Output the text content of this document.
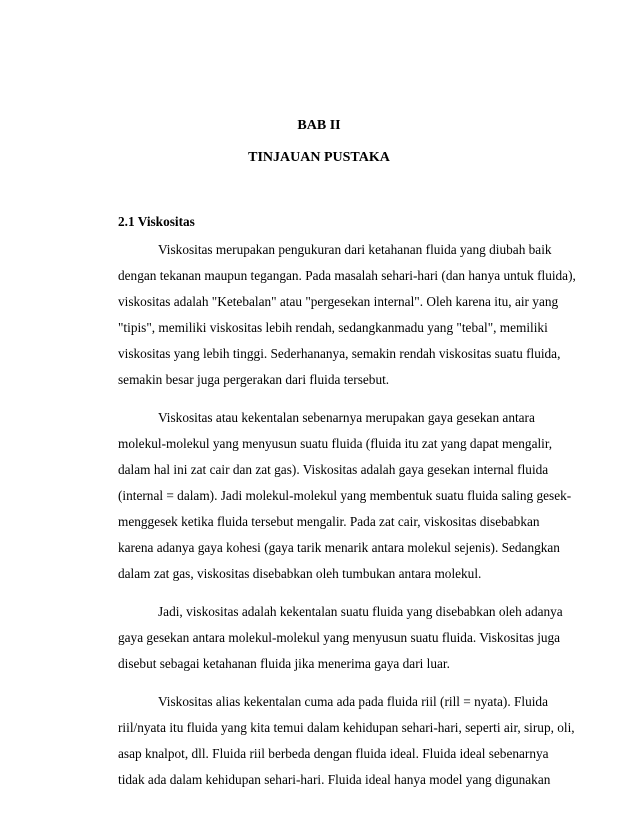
BAB II

TINJAUAN PUSTAKA

2.1 Viskositas

Viskositas merupakan pengukuran dari ketahanan fluida yang diubah baik

dengan tekanan maupun tegangan. Pada masalah sehari-hari (dan hanya untuk fluida),

viskositas adalah "Ketebalan" atau "pergesekan internal". Oleh karena itu, air yang

"tipis", memiliki viskositas lebih rendah, sedangkanmadu yang "tebal", memiliki

viskositas yang lebih tinggi. Sederhananya, semakin rendah viskositas suatu fluida,

semakin besar juga pergerakan dari fluida tersebut.

Viskositas atau kekentalan sebenarnya merupakan gaya gesekan antara

molekul-molekul yang menyusun suatu fluida (fluida itu zat yang dapat mengalir,

dalam hal ini zat cair dan zat gas). Viskositas adalah gaya gesekan internal fluida

(internal = dalam). Jadi molekul-molekul yang membentuk suatu fluida saling gesek-

menggesek ketika fluida tersebut mengalir. Pada zat cair, viskositas disebabkan

karena adanya gaya kohesi (gaya tarik menarik antara molekul sejenis). Sedangkan

dalam zat gas, viskositas disebabkan oleh tumbukan antara molekul.

Jadi, viskositas adalah kekentalan suatu fluida yang disebabkan oleh adanya

gaya gesekan antara molekul-molekul yang menyusun suatu fluida. Viskositas juga

disebut sebagai ketahanan fluida jika menerima gaya dari luar.

Viskositas alias kekentalan cuma ada pada fluida riil (rill = nyata). Fluida

riil/nyata itu fluida yang kita temui dalam kehidupan sehari-hari, seperti air, sirup, oli,

asap knalpot, dll. Fluida riil berbeda dengan fluida ideal. Fluida ideal sebenarnya

tidak ada dalam kehidupan sehari-hari. Fluida ideal hanya model yang digunakan
